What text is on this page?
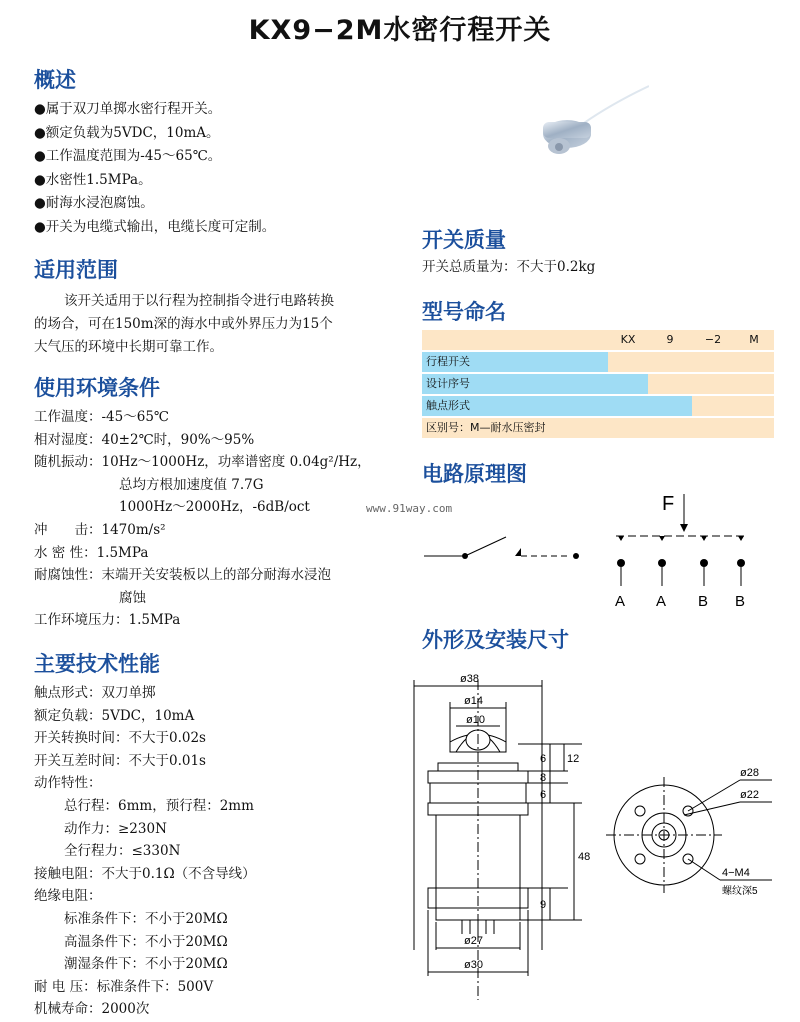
KX9−2M水密行程开关
概述
●属于双刀单掷水密行程开关。
●额定负载为5VDC，10mA。
●工作温度范围为-45～65℃。
●水密性1.5MPa。
●耐海水浸泡腐蚀。
●开关为电缆式输出，电缆长度可定制。
适用范围
该开关适用于以行程为控制指令进行电路转换
的场合，可在150m深的海水中或外界压力为15个
大气压的环境中长期可靠工作。
使用环境条件
工作温度：-45～65℃
相对湿度：40±2℃时，90%～95%
随机振动：10Hz～1000Hz，功率谱密度 0.04g²/Hz，
总均方根加速度值 7.7G
1000Hz～2000Hz，-6dB/oct
冲　　击：1470m/s²
水 密 性：1.5MPa
耐腐蚀性：末端开关安装板以上的部分耐海水浸泡
腐蚀
工作环境压力：1.5MPa
主要技术性能
触点形式：双刀单掷
额定负载：5VDC，10mA
开关转换时间：不大于0.02s
开关互差时间：不大于0.01s
动作特性：
总行程：6mm，预行程：2mm
动作力：≥230N
全行程力：≤330N
接触电阻：不大于0.1Ω（不含导线）
绝缘电阻：
标准条件下：不小于20MΩ
高温条件下：不小于20MΩ
潮湿条件下：不小于20MΩ
耐 电 压：标准条件下：500V
机械寿命：2000次
开关质量
开关总质量为：不大于0.2kg
型号命名
KX	9	−2	M
行程开关
设计序号
触点形式
区别号：M—耐水压密封
电路原理图
www.91way.com	F
A A B B
外形及安装尺寸
ø38
ø14
ø10
6 12
8
6
48
9
ø27
ø30
ø28
ø22
4−M4
螺纹深5
